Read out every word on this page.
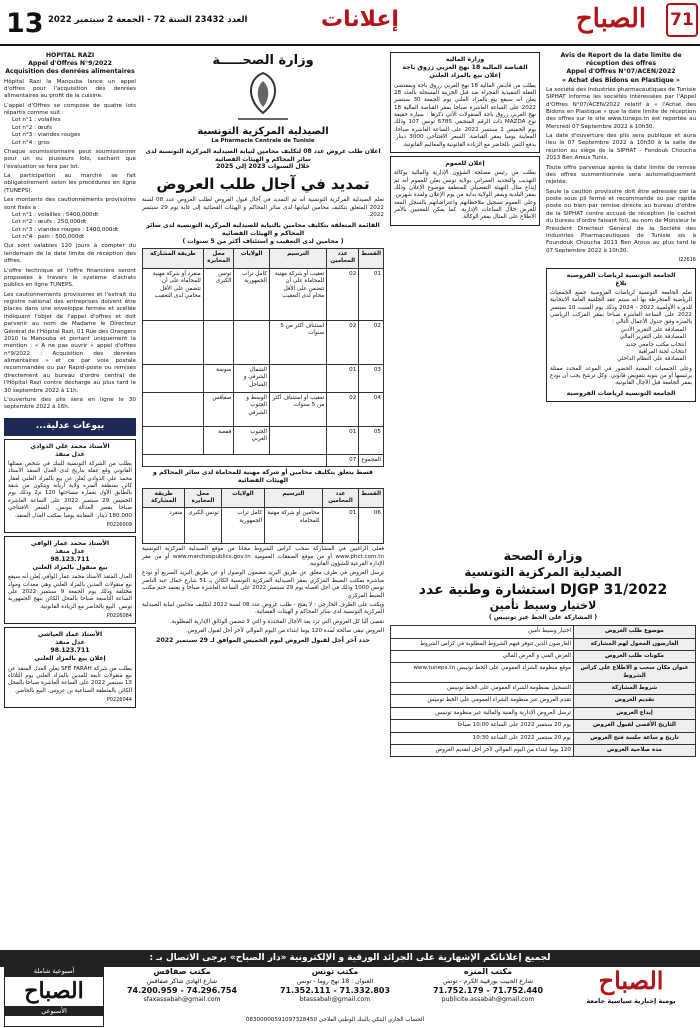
13 العدد 23432 السنة 72 - الجمعة 2 سبتمبر 2022	إعلانات	الصباح	71
HOPITAL RAZI
Appel d'Offres N°9/2022
Acquisition des denrées alimentaires
Hôpital Razi la Manouba lance un appel d'offres pour l'acquisition des denrées alimentaires au profit de la cuisine.
L'appel d'Offres se compose de quatre lots répartis comme suit :
Lot n°1 : volailles
Lot n°2 : œufs
Lot n°3 : viandes rouges
Lot n°4 : gros
Chaque soumissionnaire peut soumissionner pour un ou plusieurs lots, sachant que l'évaluation se fera par lot.
La participation au marché se fait obligatoirement selon les procédures en ligne (TUNEPS).
Les montants des cautionnements provisoires sont fixés à :
Lot n°1 : volailles : 5400,000dt
Lot n°2 : œufs : 250,000dt
Lot n°3 : viandes rouges : 1400,000dt
Lot n°4 : pain : 500,000dt
Qui sont valables 120 jours à compter du lendemain de la date limite de réception des offres.
L'offre technique et l'offre financière seront proposées à travers le système d'achats publics en ligne TUNEPS.
Les cautionnements provisoires et l'extrait du registre national des entreprises doivent être placés dans une enveloppe fermée et scellée indiquant l'objet de l'appel d'offres et doit parvenir au nom de Madame le Directeur Général de l'Hôpital Razi, 01 Rue des Orangers 2010 la Manouba et portant uniquement la mention : « A ne pas ouvrir » appel d'offres n°9/2022 : Acquisition des denrées alimentaires » et ce par voie postale recommandée ou par Rapid-poste ou remises directement au bureau d'ordre central de l'Hôpital Razi contre décharge au plus tard le 30 septembre 2022 à 11h.
L'ouverture des plis sera en ligne le 30 septembre 2022 à 16h.
بيوعات عدلية...
الأستاذ محمد علي الذوادي
عدل منفذ
بطلب من الشركة التونسية للبنك في شخص ممثلها القانوني وقع عقلة بتاريخ لدى العدل المنفذ الأستاذ محمد علي الذوادي يُعلن عن بيع بالمزاد العلني لعقار كائن بمنطقة المنزه ولاية أريانة ويتكون من شقة بالطابق الأول بعمارة مساحتها 120 م2 وذلك يوم الخميس 29 سبتمبر 2022 على الساعة العاشرة صباحا بقصر العدالة بتونس. السعر الافتتاحي 180.000 دينار. المعاينة يوميا بمكتب العدل المنفذ.
P0226009
الأستاذ محمد عمار الوافي
عدل منفذ
98.123.711
بيع منقول بالمزاد العلني
العدل المنفذ الأستاذ محمد عمار الوافي يُعلن أنه سيقع بيع منقولات المدين بالمزاد العلني وهي معدات ومواد مختلفة وذلك يوم الجمعة 9 سبتمبر 2022 على الساعة التاسعة صباحا بالمحل الكائن بنهج الجمهورية تونس. البيع بالحاضر مع الزيادة القانونية.
P0226084
الأستاذ عماد العياشي
عدل منفذ
98.123.711
إعلان بيع بالمزاد العلني
بطلب من شركة SFE FARAH يعلن العدل المنفذ عن بيع منقولات تابعة للمدين بالمزاد العلني يوم الثلاثاء 13 سبتمبر 2022 على الساعة العاشرة صباحا بالمحل الكائن بالمنطقة الصناعية بن عروس. البيع بالحاضر.
P0226044
وزارة الصحـــــة
الصيدلية المركزية التونسية
La Pharmacie Centrale de Tunisie
اعلان طلب عروض عدد 08 لتكليف محامين لنيابة الصيدلية المركزية التونسية لدى سائر المحاكم و الهيئات القضائية
خلال السنوات 2023 إلى 2025
تمديد في آجال طلب العروض
تعلم الصيدلية المركزية التونسية أنه تم التمديد في آجال قبول العروض لطلب العروض عدد 08 لسنة 2022 المتعلق بتكليف محامين لنيابتها لدى سائر المحاكم و الهيئات القضائية إلى غاية يوم 29 سبتمبر 2022.
القائمة المتعلقة بتكليف محامين بالنيابة للصيدلية المركزية التونسية لدى سائر المحاكم و الهيئات القضائية
( محامين لدى التعقيب و استئناف أكثر من 5 سنوات )
القسط	عدد المحامين	الترسيم	الولايات	محل المخابرة	طريقة المشاركة
01	02	تعقيب أو شركة مهنية للمحاماة على أن تتضمن على الأقل محام لدى التعقيب	كامل تراب الجمهورية	تونس الكبرى	منفرد أو شركة مهنية للمحاماة على أن تتضمن على الأقل محامي لدى التعقيب
02	02	استئناف أكثر من 5 سنوات			
03	01		الشمال الشرقي و الساحل	سوسة	
04	02	تعقيب أو استئناف أكثر من 5 سنوات	الوسط و الجنوب الشرقي	صفاقس	
05	01		الجنوب الغربي	قفصة	
المجموع	07				
قسط يتعلق بتكليف محامين أو شركة مهنية للمحاماة لدى سائر المحاكم و الهيئات القضائية
القسط	عدد المحامين	الترسيم	الولايات	محل المخابرة	طريقة المشاركة
06	01	محامين أو شركة مهنية للمحاماة	كامل تراب الجمهورية	تونس الكبرى	منفرد
فعلى الراغبين في المشاركة سحب كراس الشروط مجانا من موقع الصيدلية المركزية التونسية www.phct.com.tn أو من موقع الصفقات العمومية www.marchespublics.gov.tn أو من مقر الإدارة الفرعية للشؤون القانونية.
ترسل العروض في ظرف مغلق عن طريق البريد مضمون الوصول أو عن طريق البريد السريع أو تودع مباشرة بمكتب الضبط المركزي بمقر الصيدلية المركزية التونسية الكائن بـ 51 شارع جمال عبد الناصر تونس 1000 وذلك في أجل أقصاه يوم 29 سبتمبر 2022 على الساعة العاشرة صباحا و يعتمد ختم مكتب الضبط المركزي.
ويكتب على الظرف الخارجي : لا يفتح - طلب عروض عدد 08 لسنة 2022 لتكليف محامين لنيابة الصيدلية المركزية التونسية لدى سائر المحاكم و الهيئات القضائية.
تقصى آليا كل العروض التي ترد بعد الآجال المحددة و التي لا تتضمن الوثائق الإدارية المطلوبة.
العروض تبقى صالحة لمدة 120 يوما ابتداء من اليوم الموالي لآخر أجل لقبول العروض.
حدد آخر أجل لقبول العروض ليوم الخميس الموافق لـ 29 سبتمبر 2022
وزارة المالية
القباضة المالية 18 نهج العربي زروق باجة
إعلان بيع بالمزاد العلني
يطلب من قابـض المالية 18 نهج العربي زروق باجة وبمقتضى العقلة التنفيذية المجراة ضد قبل الخزينة المسجلة بالعدد 28 يعلن أنه سيقع بيع بالمزاد العلني يوم الجمعة 30 سبتمبر 2022 على الساعة العاشرة صباحا بمقر القباضة المالية 18 نهج العربي زروق باجة المنقولات الآتي ذكرها : سيارة خفيفة نوع MAZDA ذات الرقم المنجمي 6785 تونس 107 وذلك يوم الخميس 1 سبتمبر 2022 على الساعة العاشرة صباحا. المعاينة يوميا بمقر القباضة. السعر الافتتاحي 3000 دينار. يدفع الثمن بالحاضر مع الزيادة القانونية والمعاليم القانونية.
إعلان للعموم
بطلب من رئيس مصلحة الشؤون الإدارية والمالية بوكالة التهذيب والتجديد العمراني بولاية تونس يعلن للعموم أنه تم إيداع مثال التهيئة التفصيلي للمنطقة موضوع الإعلان وذلك بمقر البلدية وبمقر الولاية بداية من يوم الإعلان ولمدة شهرين. وعلى العموم تسجيل ملاحظاتهم واعتراضاتهم بالسجل المعد للغرض خلال الساعات الإدارية. كما يمكن للمعنيين بالأمر الاطلاع على المثال بمقر الوكالة.
وزارة الصحة
الصيدلية المركزية التونسية
استشارة وطنية عدد DJGP 31/2022
لاختيار وسيط تأمين
( المشاركة على الخط عبر تونيبس )
موضوع طلب العروض	اختيار وسيط تأمين
العارضون المخول لهم المشاركة	العارضون الذين تتوفر فيهم الشروط المطلوبة في كراس الشروط
مكونات طلب العروض	العرض الفني و العرض المالي
عنوان مكان سحب و الاطلاع على كراس الشروط	موقع منظومة الشراء العمومي على الخط تونيبس www.tuneps.tn
شروط المشاركة	التسجيل بمنظومة الشراء العمومي على الخط تونيبس
تقديم العروض	تقدم العروض عبر منظومة الشراء العمومي على الخط تونيبس
إيداع العروض	ترسل العروض الإدارية والفنية والمالية عبر منظومة تونيبس
التاريخ الأقصى لقبول العروض	يوم 20 سبتمبر 2022 على الساعة 10:00 صباحا
تاريخ و ساعة جلسة فتح العروض	يوم 20 سبتمبر 2022 على الساعة 10:30
مدة صلاحية العروض	120 يوما ابتداء من اليوم الموالي لآخر أجل لتقديم العروض
Avis de Report de la date limite de réception des offres
Appel d'Offres N°07/ACEN/2022
« Achat des Bidons en Plastique »
La société des Industries pharmaceutiques de Tunisie SIPHAT informe les sociétés intéressées par l'Appel d'Offres N°07/ACEN/2022 relatif à « l'Achat des Bidons en Plastique » que la date limite de réception des offres sur le site www.tuneps.tn est reportée au Mercredi 07 Septembre 2022 à 10h30.
La date d'ouverture des plis sera publique et aura lieu le 07 Septembre 2022 à 10h30 à la salle de réunion au siège de la SIPHAT - Fondouk Choucha 2013 Ben Arous Tunis.
Toute offre parvenue après la date limite de remise des offres susmentionnée sera automatiquement rejetée.
Seule la caution provisoire doit être adressée par la poste sous pli fermé et recommandé ou par rapide poste ou bien par remise directe au bureau d'ordre de la SIPHAT contre accusé de réception (le cachet du bureau d'ordre faisant foi), au nom de Monsieur le Président Directeur Général de la Société des Industries Pharmaceutiques de Tunisie sis à Foundouk Choucha 2013 Ben Arous au plus tard le 07 Septembre 2022 à 10h30.
I22616
الجامعة التونسية لرياضات الفروسية
بلاغ
تعلم الجامعة التونسية لرياضات الفروسية جميع الجمعيات الرياضية المنخرطة بها أنه سيتم عقد الجلسة العامة الانتخابية للدورة الأولمبية 2022 - 2024 وذلك يوم السبت 10 سبتمبر 2022 على الساعة العاشرة صباحا بمقر المركب الرياضي بالمنزه وفق جدول الأعمال التالي :
المصادقة على التقرير الأدبي
المصادقة على التقرير المالي
انتخاب مكتب جامعي جديد
انتخاب لجنة المراقبة
المصادقة على النظام الداخلي
وعلى الجمعيات المعنية الحضور في الموعد المحدد ممثلة برئيسها أو من ينوبه بتفويض قانوني. وكل ترشح يجب أن يودع بمقر الجامعة قبل الآجال القانونية.
الجامعة التونسية لرياضات الفروسية
لجميع إعلاناتكم الإشهارية على الجرائد الورقية و الإلكترونية «دار الصباح» يرجى الاتصال بـ :
أسبوعية شاملة
الصباح
الأسبوعي
مكتب صفاقس
شارع الهادي شاكر صفاقس
74.200.959 - 74.296.754
sfaxassabah@gmail.com
مكتب تونس
العنوان : 18 نهج روما - تونس
71.352.111 - 71.332.803
btassabah@gmail.com
مكتب المنزه
شارع الحبيب بورقيبة الكرم - تونس
71.752.179 - 71.752.440
publicite.assabah@gmail.com
الحساب الجاري البنكي بالبنك الوطني الفلاحي 08300000591097328450
الصباح
يومية إخبارية سياسية جامعة
